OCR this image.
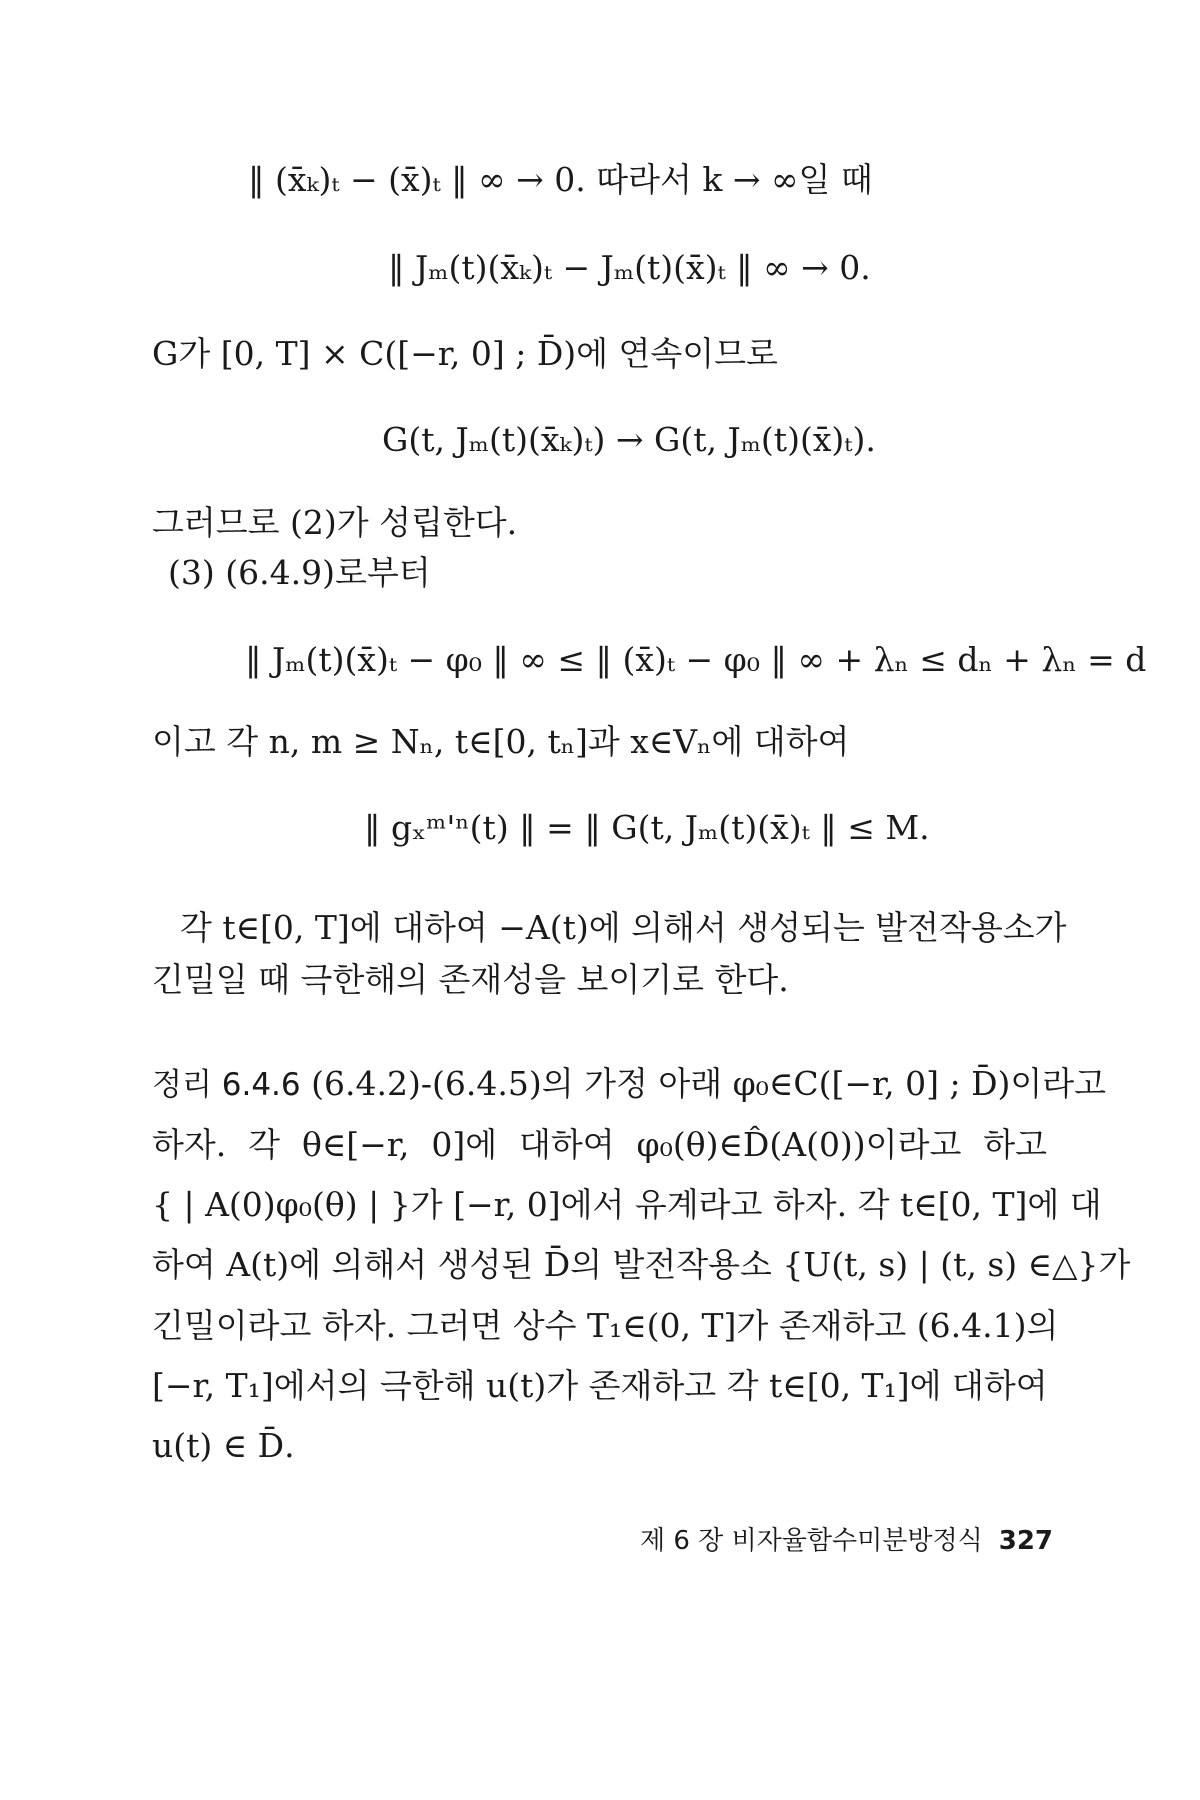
‖ (x̄ₖ)ₜ − (x̄)ₜ ‖ ∞ → 0. 따라서 k → ∞일 때
‖ Jₘ(t)(x̄ₖ)ₜ − Jₘ(t)(x̄)ₜ ‖ ∞ → 0.
G가 [0, T] × C([−r, 0] ; D̄)에 연속이므로
G(t, Jₘ(t)(x̄ₖ)ₜ) → G(t, Jₘ(t)(x̄)ₜ).
그러므로 (2)가 성립한다.
(3) (6.4.9)로부터
‖ Jₘ(t)(x̄)ₜ − φ₀ ‖ ∞ ≤ ‖ (x̄)ₜ − φ₀ ‖ ∞ + λₙ ≤ dₙ + λₙ = d
이고 각 n, m ≥ Nₙ, t∈[0, tₙ]과 x∈Vₙ에 대하여
‖ gₓᵐ'ⁿ(t) ‖ = ‖ G(t, Jₘ(t)(x̄)ₜ ‖ ≤ M.
각 t∈[0, T]에 대하여 −A(t)에 의해서 생성되는 발전작용소가
긴밀일 때 극한해의 존재성을 보이기로 한다.
정리 6.4.6 (6.4.2)-(6.4.5)의 가정 아래 φ₀∈C([−r, 0] ; D̄)이라고
하자. 각 θ∈[−r, 0]에 대하여 φ₀(θ)∈D̂(A(0))이라고 하고
{ | A(0)φ₀(θ) | }가 [−r, 0]에서 유계라고 하자. 각 t∈[0, T]에 대
하여 A(t)에 의해서 생성된 D̄의 발전작용소 {U(t, s) | (t, s) ∈△}가
긴밀이라고 하자. 그러면 상수 T₁∈(0, T]가 존재하고 (6.4.1)의
[−r, T₁]에서의 극한해 u(t)가 존재하고 각 t∈[0, T₁]에 대하여
u(t) ∈ D̄.
제 6 장 비자율함수미분방정식 327
